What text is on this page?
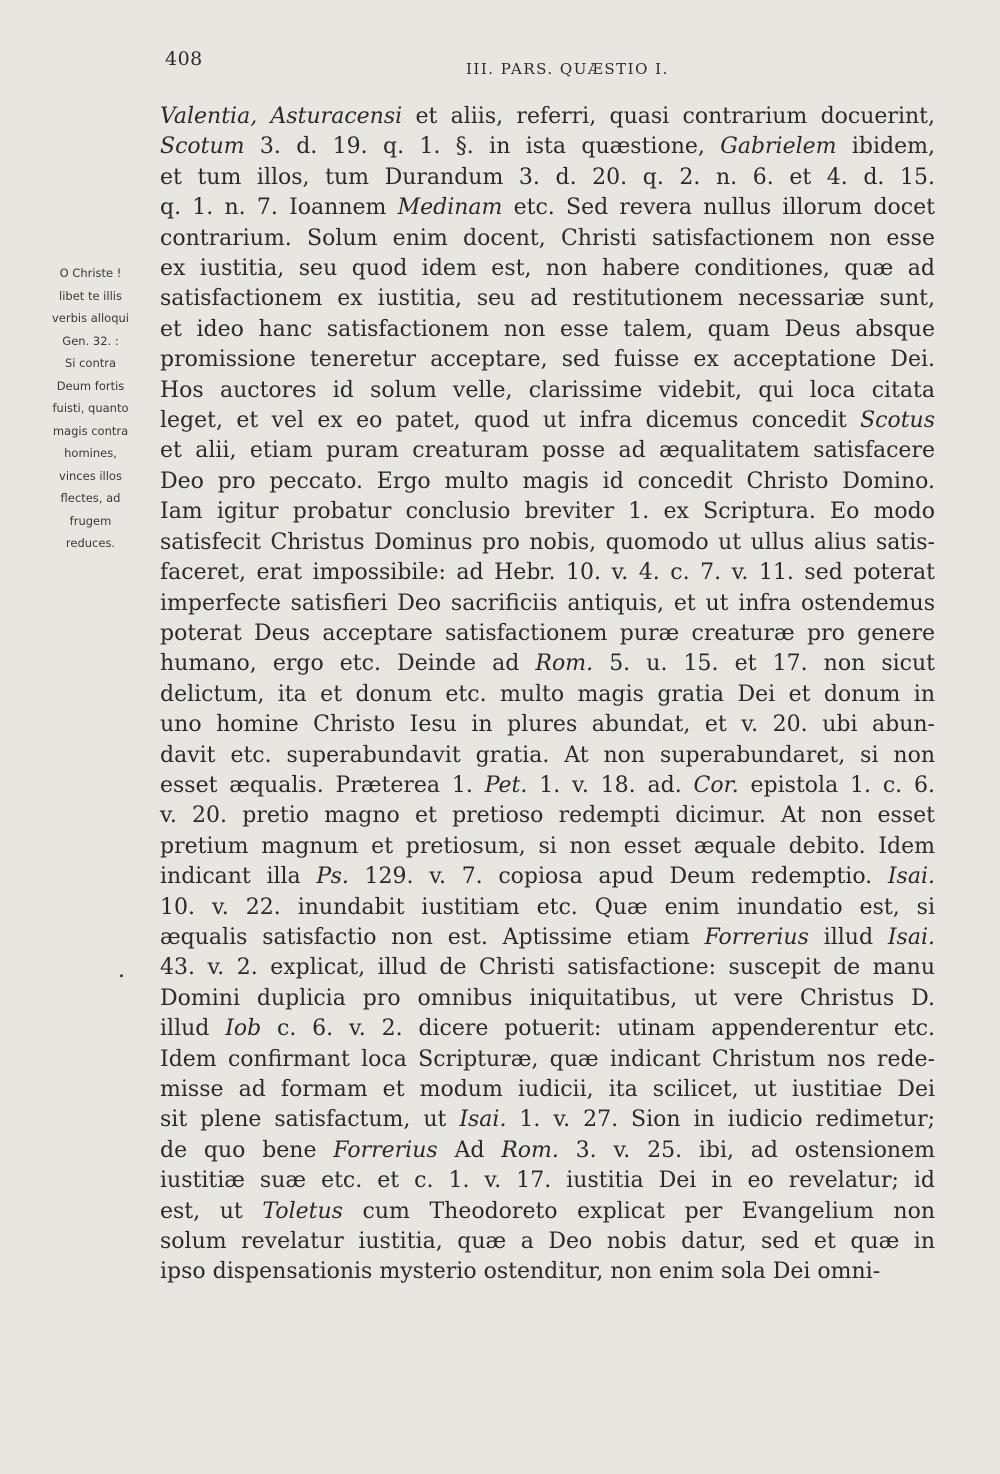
408	III. PARS. QUÆSTIO I.
O Christe !
libet te illis
verbis alloqui
Gen. 32. :
Si contra
Deum fortis
fuisti, quanto
magis contra
homines,
vinces illos
flectes, ad
frugem
reduces.
.
Valentia, Asturacensi et aliis, referri, quasi contrarium docuerint,
Scotum 3. d. 19. q. 1. §. in ista quæstione, Gabrielem ibidem,
et tum illos, tum Durandum 3. d. 20. q. 2. n. 6. et 4. d. 15.
q. 1. n. 7. Ioannem Medinam etc. Sed revera nullus illorum docet
contrarium. Solum enim docent, Christi satisfactionem non esse
ex iustitia, seu quod idem est, non habere conditiones, quæ ad
satisfactionem ex iustitia, seu ad restitutionem necessariæ sunt,
et ideo hanc satisfactionem non esse talem, quam Deus absque
promissione teneretur acceptare, sed fuisse ex acceptatione Dei.
Hos auctores id solum velle, clarissime videbit, qui loca citata
leget, et vel ex eo patet, quod ut infra dicemus concedit Scotus
et alii, etiam puram creaturam posse ad æqualitatem satisfacere
Deo pro peccato. Ergo multo magis id concedit Christo Domino.
Iam igitur probatur conclusio breviter 1. ex Scriptura. Eo modo
satisfecit Christus Dominus pro nobis, quomodo ut ullus alius satis-
faceret, erat impossibile: ad Hebr. 10. v. 4. c. 7. v. 11. sed poterat
imperfecte satisfieri Deo sacrificiis antiquis, et ut infra ostendemus
poterat Deus acceptare satisfactionem puræ creaturæ pro genere
humano, ergo etc. Deinde ad Rom. 5. u. 15. et 17. non sicut
delictum, ita et donum etc. multo magis gratia Dei et donum in
uno homine Christo Iesu in plures abundat, et v. 20. ubi abun-
davit etc. superabundavit gratia. At non superabundaret, si non
esset æqualis. Præterea 1. Pet. 1. v. 18. ad. Cor. epistola 1. c. 6.
v. 20. pretio magno et pretioso redempti dicimur. At non esset
pretium magnum et pretiosum, si non esset æquale debito. Idem
indicant illa Ps. 129. v. 7. copiosa apud Deum redemptio. Isai.
10. v. 22. inundabit iustitiam etc. Quæ enim inundatio est, si
æqualis satisfactio non est. Aptissime etiam Forrerius illud Isai.
43. v. 2. explicat, illud de Christi satisfactione: suscepit de manu
Domini duplicia pro omnibus iniquitatibus, ut vere Christus D.
illud Iob c. 6. v. 2. dicere potuerit: utinam appenderentur etc.
Idem confirmant loca Scripturæ, quæ indicant Christum nos rede-
misse ad formam et modum iudicii, ita scilicet, ut iustitiae Dei
sit plene satisfactum, ut Isai. 1. v. 27. Sion in iudicio redimetur;
de quo bene Forrerius Ad Rom. 3. v. 25. ibi, ad ostensionem
iustitiæ suæ etc. et c. 1. v. 17. iustitia Dei in eo revelatur; id
est, ut Toletus cum Theodoreto explicat per Evangelium non
solum revelatur iustitia, quæ a Deo nobis datur, sed et quæ in
ipso dispensationis mysterio ostenditur, non enim sola Dei omni-
